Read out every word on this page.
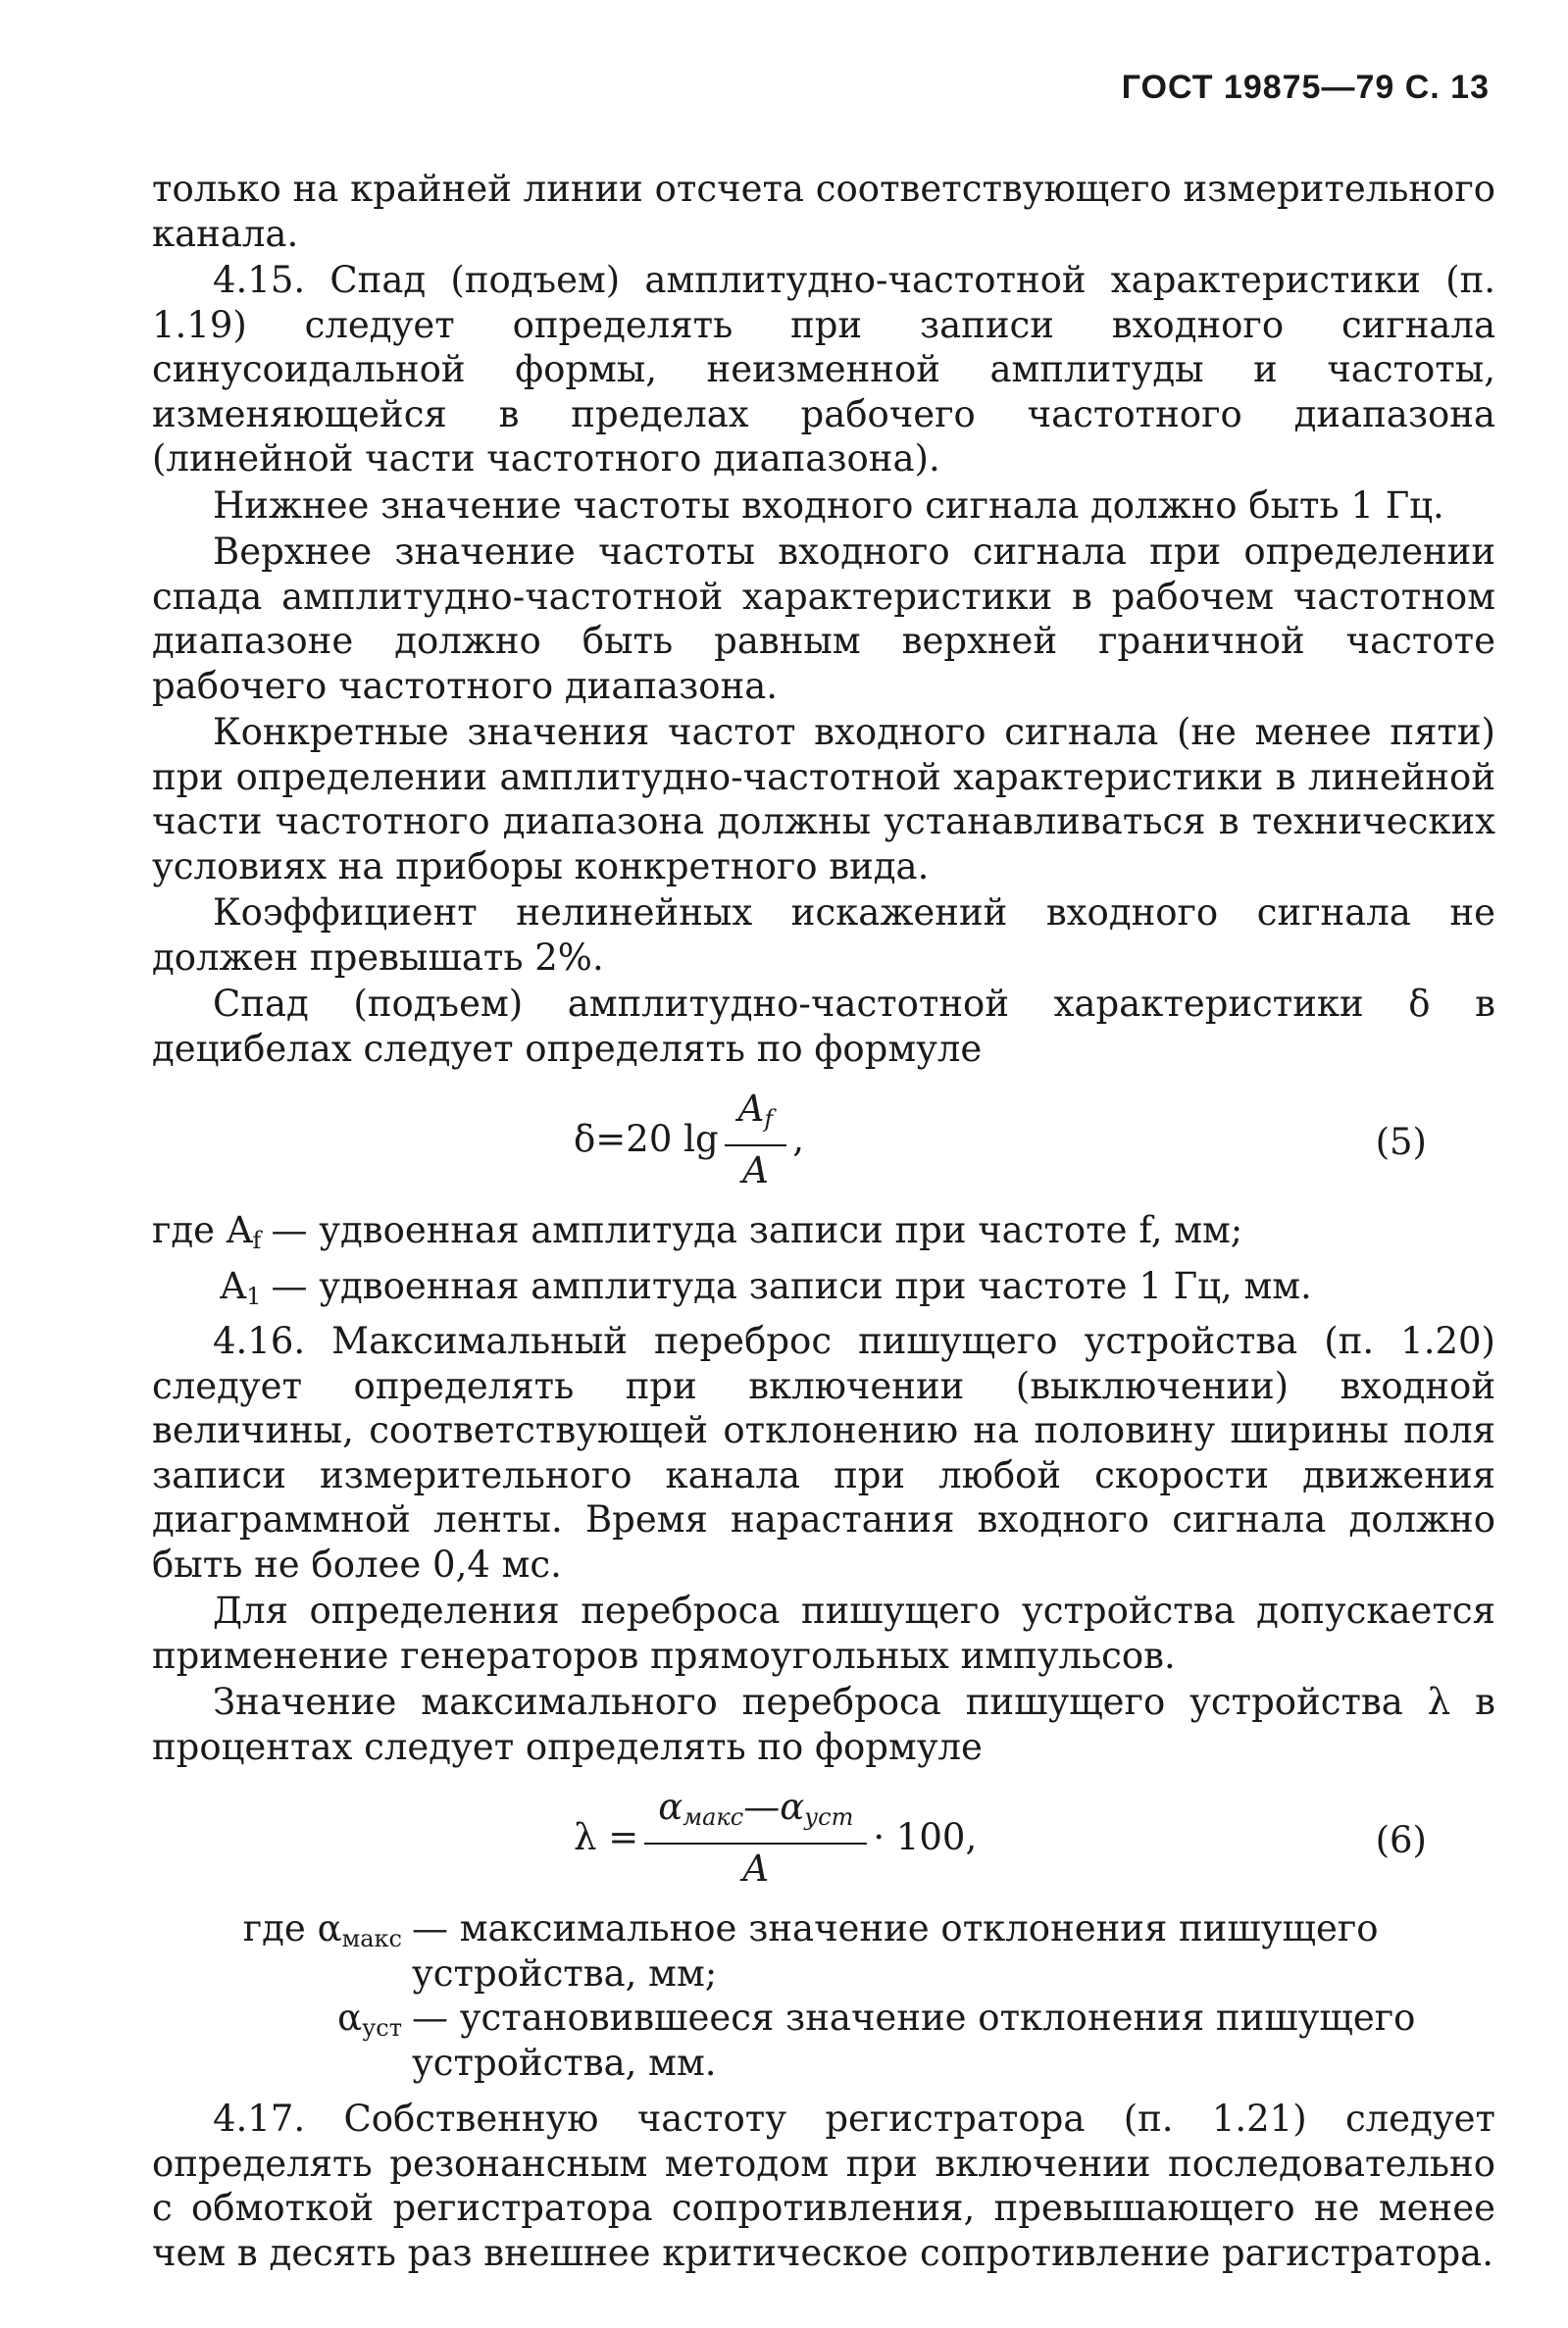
ГОСТ 19875—79 С. 13

только на крайней линии отсчета соответствующего измерительного канала.

4.15. Спад (подъем) амплитудно-частотной характеристики (п. 1.19) следует определять при записи входного сигнала синусоидальной формы, неизменной амплитуды и частоты, изменяющейся в пределах рабочего частотного диапазона (линейной части частотного диапазона).

Нижнее значение частоты входного сигнала должно быть 1 Гц.

Верхнее значение частоты входного сигнала при определении спада амплитудно-частотной характеристики в рабочем частотном диапазоне должно быть равным верхней граничной частоте рабочего частотного диапазона.

Конкретные значения частот входного сигнала (не менее пяти) при определении амплитудно-частотной характеристики в линейной части частотного диапазона должны устанавливаться в технических условиях на приборы конкретного вида.

Коэффициент нелинейных искажений входного сигнала не должен превышать 2%.

Спад (подъем) амплитудно-частотной характеристики δ в децибелах следует определять по формуле

δ=20 $\lg \frac{A_f}{A}$ ,	(5)
где $A_f$ — удвоенная амплитуда записи при частоте f, мм;
$A_1$ — удвоенная амплитуда записи при частоте 1 Гц, мм.

4.16. Максимальный переброс пишущего устройства (п. 1.20) следует определять при включении (выключении) входной величины, соответствующей отклонению на половину ширины поля записи измерительного канала при любой скорости движения диаграммной ленты. Время нарастания входного сигнала должно быть не более 0,4 мс.

Для определения переброса пишущего устройства допускается применение генераторов прямоугольных импульсов.

Значение максимального переброса пишущего устройства λ в процентах следует определять по формуле

$\lambda = \frac{\alpha_{макс}—\alpha_{уст}}{A} \cdot 100$,	(6)
где $\alpha_{макс}$ — максимальное значение отклонения пишущего устройства, мм;
$\alpha_{уст}$ — установившееся значение отклонения пишущего устройства, мм.

4.17. Собственную частоту регистратора (п. 1.21) следует определять резонансным методом при включении последовательно с обмоткой регистратора сопротивления, превышающего не менее чем в десять раз внешнее критическое сопротивление рагистратора.
